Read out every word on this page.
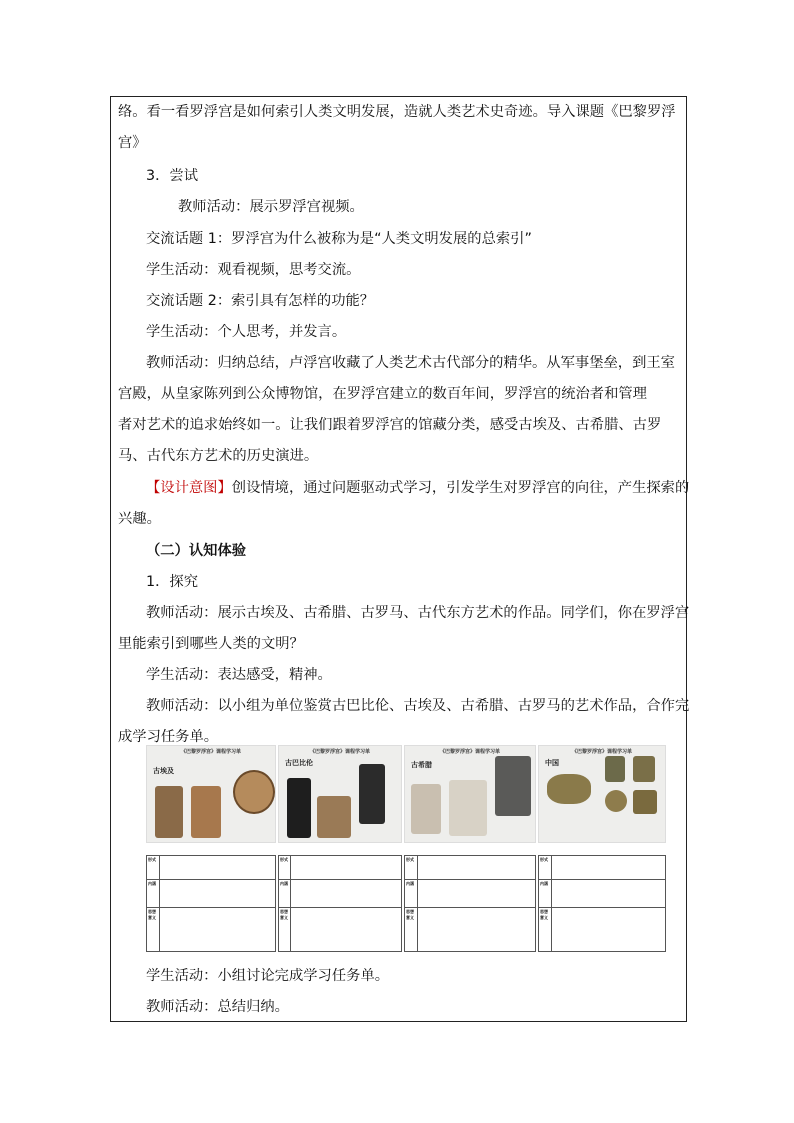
络。看一看罗浮宫是如何索引人类文明发展，造就人类艺术史奇迹。导入课题《巴黎罗浮
宫》
3．尝试
教师活动：展示罗浮宫视频。
交流话题 1：罗浮宫为什么被称为是“人类文明发展的总索引”
学生活动：观看视频，思考交流。
交流话题 2：索引具有怎样的功能？
学生活动：个人思考，并发言。
教师活动：归纳总结，卢浮宫收藏了人类艺术古代部分的精华。从军事堡垒，到王室
宫殿，从皇家陈列到公众博物馆，在罗浮宫建立的数百年间，罗浮宫的统治者和管理
者对艺术的追求始终如一。让我们跟着罗浮宫的馆藏分类，感受古埃及、古希腊、古罗
马、古代东方艺术的历史演进。
【设计意图】创设情境，通过问题驱动式学习，引发学生对罗浮宫的向往，产生探索的
兴趣。
（二）认知体验
1．探究
教师活动：展示古埃及、古希腊、古罗马、古代东方艺术的作品。同学们，你在罗浮宫
里能索引到哪些人类的文明？
学生活动：表达感受，精神。
教师活动：以小组为单位鉴赏古巴比伦、古埃及、古希腊、古罗马的艺术作品，合作完
成学习任务单。
《巴黎罗浮宫》课程学习单
古埃及
形式	
内涵	
思想意义	
《巴黎罗浮宫》课程学习单
古巴比伦
形式	
内涵	
思想意义	
《巴黎罗浮宫》课程学习单
古希腊
形式	
内涵	
思想意义	
《巴黎罗浮宫》课程学习单
中国
形式	
内涵	
思想意义	
学生活动：小组讨论完成学习任务单。
教师活动：总结归纳。
